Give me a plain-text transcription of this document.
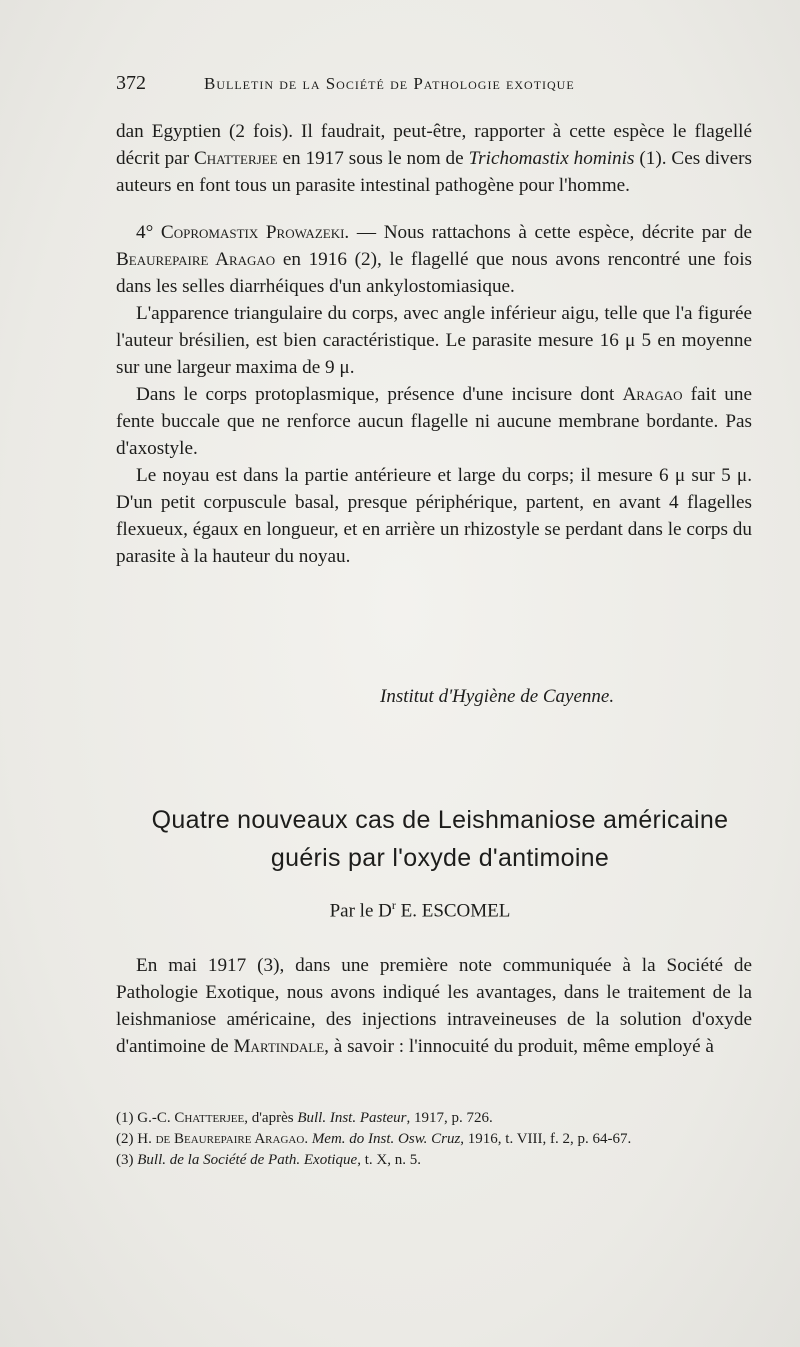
372	Bulletin de la Société de Pathologie exotique

dan Egyptien (2 fois). Il faudrait, peut-être, rapporter à cette espèce le flagellé décrit par Chatterjee en 1917 sous le nom de Trichomastix hominis (1). Ces divers auteurs en font tous un parasite intestinal pathogène pour l'homme.

4° Copromastix Prowazeki. — Nous rattachons à cette espèce, décrite par de Beaurepaire Aragao en 1916 (2), le flagellé que nous avons rencontré une fois dans les selles diarrhéiques d'un ankylostomiasique.

L'apparence triangulaire du corps, avec angle inférieur aigu, telle que l'a figurée l'auteur brésilien, est bien caractéristique. Le parasite mesure 16 μ 5 en moyenne sur une largeur maxima de 9 μ.

Dans le corps protoplasmique, présence d'une incisure dont Aragao fait une fente buccale que ne renforce aucun flagelle ni aucune membrane bordante. Pas d'axostyle.

Le noyau est dans la partie antérieure et large du corps; il mesure 6 μ sur 5 μ. D'un petit corpuscule basal, presque périphérique, partent, en avant 4 flagelles flexueux, égaux en longueur, et en arrière un rhizostyle se perdant dans le corps du parasite à la hauteur du noyau.

Institut d'Hygiène de Cayenne.
Quatre nouveaux cas de Leishmaniose américaine
guéris par l'oxyde d'antimoine
Par le $D^r$ E. ESCOMEL

En mai 1917 (3), dans une première note communiquée à la Société de Pathologie Exotique, nous avons indiqué les avantages, dans le traitement de la leishmaniose américaine, des injections intraveineuses de la solution d'oxyde d'antimoine de Martindale, à savoir : l'innocuité du produit, même employé à

(1) G.-C. Chatterjee, d'après Bull. Inst. Pasteur, 1917, p. 726.

(2) H. de Beaurepaire Aragao. Mem. do Inst. Osw. Cruz, 1916, t. VIII, f. 2, p. 64-67.

(3) Bull. de la Société de Path. Exotique, t. X, n. 5.
